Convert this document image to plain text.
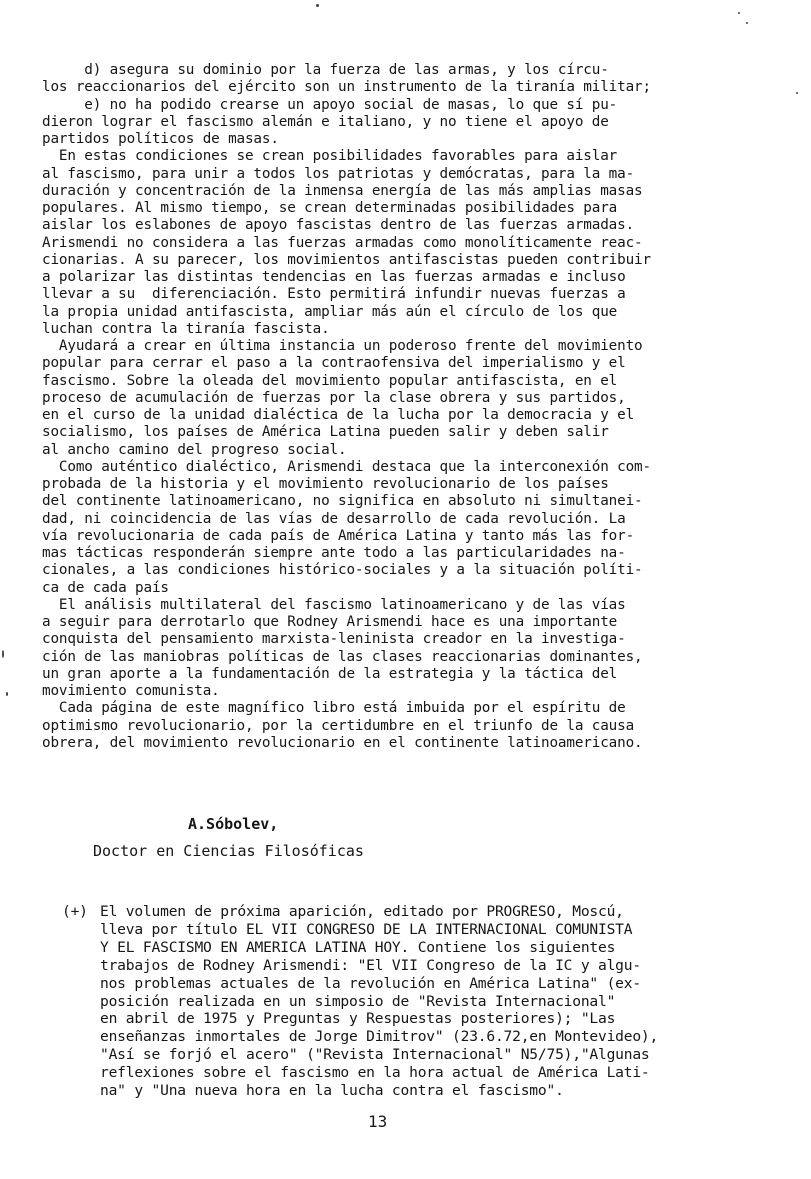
d) asegura su dominio por la fuerza de las armas, y los círcu-
los reaccionarios del ejército son un instrumento de la tiranía militar;
e) no ha podido crearse un apoyo social de masas, lo que sí pu-
dieron lograr el fascismo alemán e italiano, y no tiene el apoyo de
partidos políticos de masas.
En estas condiciones se crean posibilidades favorables para aislar
al fascismo, para unir a todos los patriotas y demócratas, para la ma-
duración y concentración de la inmensa energía de las más amplias masas
populares. Al mismo tiempo, se crean determinadas posibilidades para
aislar los eslabones de apoyo fascistas dentro de las fuerzas armadas.
Arismendi no considera a las fuerzas armadas como monolíticamente reac-
cionarias. A su parecer, los movimientos antifascistas pueden contribuir
a polarizar las distintas tendencias en las fuerzas armadas e incluso
llevar a su  diferenciación. Esto permitirá infundir nuevas fuerzas a
la propia unidad antifascista, ampliar más aún el círculo de los que
luchan contra la tiranía fascista.
Ayudará a crear en última instancia un poderoso frente del movimiento
popular para cerrar el paso a la contraofensiva del imperialismo y el
fascismo. Sobre la oleada del movimiento popular antifascista, en el
proceso de acumulación de fuerzas por la clase obrera y sus partidos,
en el curso de la unidad dialéctica de la lucha por la democracia y el
socialismo, los países de América Latina pueden salir y deben salir
al ancho camino del progreso social.
Como auténtico dialéctico, Arismendi destaca que la interconexión com-
probada de la historia y el movimiento revolucionario de los países
del continente latinoamericano, no significa en absoluto ni simultanei-
dad, ni coincidencia de las vías de desarrollo de cada revolución. La
vía revolucionaria de cada país de América Latina y tanto más las for-
mas tácticas responderán siempre ante todo a las particularidades na-
cionales, a las condiciones histórico-sociales y a la situación políti-
ca de cada país
El análisis multilateral del fascismo latinoamericano y de las vías
a seguir para derrotarlo que Rodney Arismendi hace es una importante
conquista del pensamiento marxista-leninista creador en la investiga-
ción de las maniobras políticas de las clases reaccionarias dominantes,
un gran aporte a la fundamentación de la estrategia y la táctica del
movimiento comunista.
Cada página de este magnífico libro está imbuida por el espíritu de
optimismo revolucionario, por la certidumbre en el triunfo de la causa
obrera, del movimiento revolucionario en el continente latinoamericano.
A.Sóbolev,
Doctor en Ciencias Filosóficas
(+) El volumen de próxima aparición, editado por PROGRESO, Moscú,
lleva por título EL VII CONGRESO DE LA INTERNACIONAL COMUNISTA
Y EL FASCISMO EN AMERICA LATINA HOY. Contiene los siguientes
trabajos de Rodney Arismendi: "El VII Congreso de la IC y algu-
nos problemas actuales de la revolución en América Latina" (ex-
posición realizada en un simposio de "Revista Internacional"
en abril de 1975 y Preguntas y Respuestas posteriores); "Las
enseñanzas inmortales de Jorge Dimitrov" (23.6.72,en Montevideo),
"Así se forjó el acero" ("Revista Internacional" N5/75),"Algunas
reflexiones sobre el fascismo en la hora actual de América Lati-
na" y "Una nueva hora en la lucha contra el fascismo".
13
